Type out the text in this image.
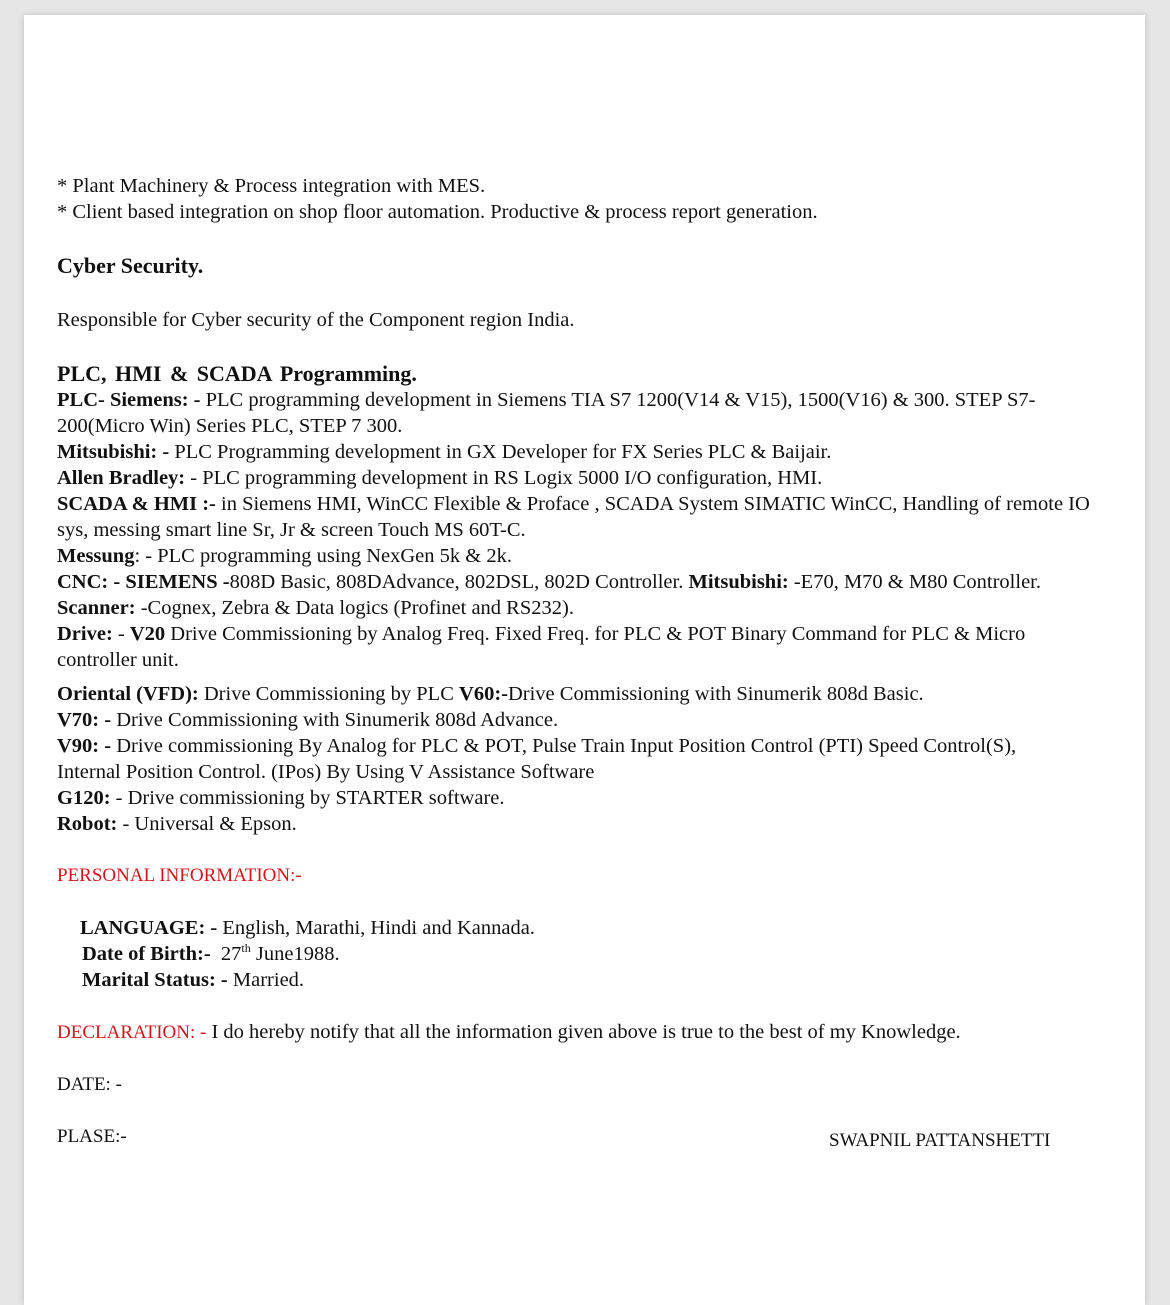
* Plant Machinery & Process integration with MES.
* Client based integration on shop floor automation. Productive & process report generation.
Cyber Security.
Responsible for Cyber security of the Component region India.
PLC, HMI & SCADA Programming.
PLC- Siemens: - PLC programming development in Siemens TIA S7 1200(V14 & V15), 1500(V16) & 300. STEP S7-200(Micro Win) Series PLC, STEP 7 300.
Mitsubishi: - PLC Programming development in GX Developer for FX Series PLC & Baijair.
Allen Bradley: - PLC programming development in RS Logix 5000 I/O configuration, HMI.
SCADA & HMI :- in Siemens HMI, WinCC Flexible & Proface , SCADA System SIMATIC WinCC, Handling of remote IO sys, messing smart line Sr, Jr & screen Touch MS 60T-C.
Messung: - PLC programming using NexGen 5k & 2k.
CNC: - SIEMENS -808D Basic, 808DAdvance, 802DSL, 802D Controller. Mitsubishi: -E70, M70 & M80 Controller.
Scanner: -Cognex, Zebra & Data logics (Profinet and RS232).
Drive: - V20 Drive Commissioning by Analog Freq. Fixed Freq. for PLC & POT Binary Command for PLC & Micro controller unit.
Oriental (VFD): Drive Commissioning by PLC V60:-Drive Commissioning with Sinumerik 808d Basic.
V70: - Drive Commissioning with Sinumerik 808d Advance.
V90: - Drive commissioning By Analog for PLC & POT, Pulse Train Input Position Control (PTI) Speed Control(S), Internal Position Control. (IPos) By Using V Assistance Software
G120: - Drive commissioning by STARTER software.
Robot: - Universal & Epson.
PERSONAL INFORMATION:-
LANGUAGE: - English, Marathi, Hindi and Kannada.
Date of Birth:-  27th June1988.
Marital Status: - Married.
DECLARATION: - I do hereby notify that all the information given above is true to the best of my Knowledge.
DATE: -
PLASE:-	SWAPNIL PATTANSHETTI
